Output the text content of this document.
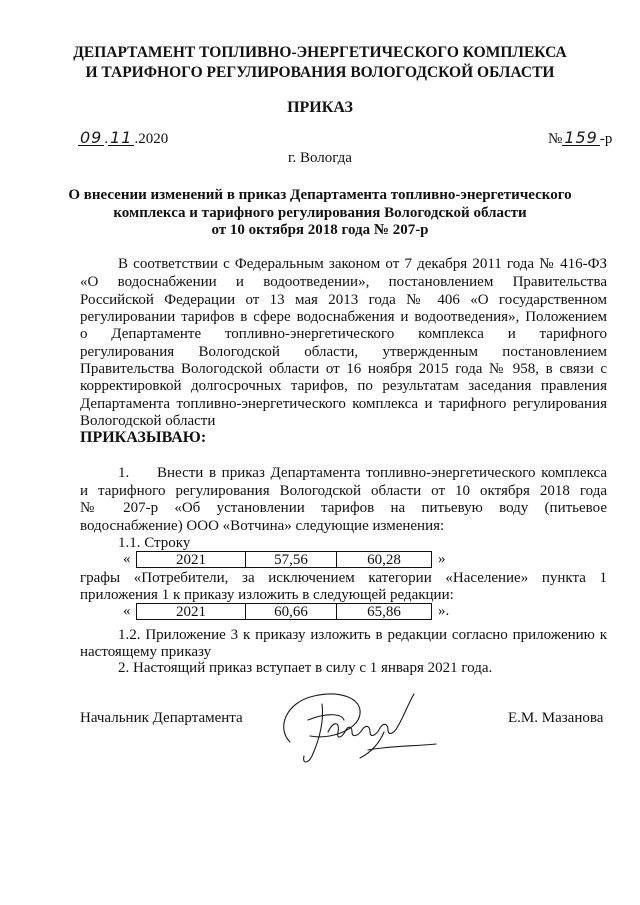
ДЕПАРТАМЕНТ ТОПЛИВНО-ЭНЕРГЕТИЧЕСКОГО КОМПЛЕКСА
И ТАРИФНОГО РЕГУЛИРОВАНИЯ ВОЛОГОДСКОЙ ОБЛАСТИ
ПРИКАЗ
09 . 11 .2020	№ 159 -р
г. Вологда
О внесении изменений в приказ Департамента топливно-энергетического
комплекса и тарифного регулирования Вологодской области
от 10 октября 2018 года № 207-р
В соответствии с Федеральным законом от 7 декабря 2011 года № 416-ФЗ
«О водоснабжении и водоотведении», постановлением Правительства
Российской Федерации от 13 мая 2013 года № 406 «О государственном
регулировании тарифов в сфере водоснабжения и водоотведения», Положением
о Департаменте топливно-энергетического комплекса и тарифного
регулирования Вологодской области, утвержденным постановлением
Правительства Вологодской области от 16 ноября 2015 года № 958, в связи с
корректировкой долгосрочных тарифов, по результатам заседания правления
Департамента топливно-энергетического комплекса и тарифного регулирования
Вологодской области
ПРИКАЗЫВАЮ:
1. Внести в приказ Департамента топливно-энергетического комплекса
и тарифного регулирования Вологодской области от 10 октября 2018 года
№ 207-р «Об установлении тарифов на питьевую воду (питьевое
водоснабжение) ООО «Вотчина» следующие изменения:
1.1. Строку
«	2021	57,56	60,28	»
графы «Потребители, за исключением категории «Население» пункта 1
приложения 1 к приказу изложить в следующей редакции:
«	2021	60,66	65,86	».
1.2. Приложение 3 к приказу изложить в редакции согласно приложению к
настоящему приказу
2. Настоящий приказ вступает в силу с 1 января 2021 года.
Начальник Департамента	Е.М. Мазанова
